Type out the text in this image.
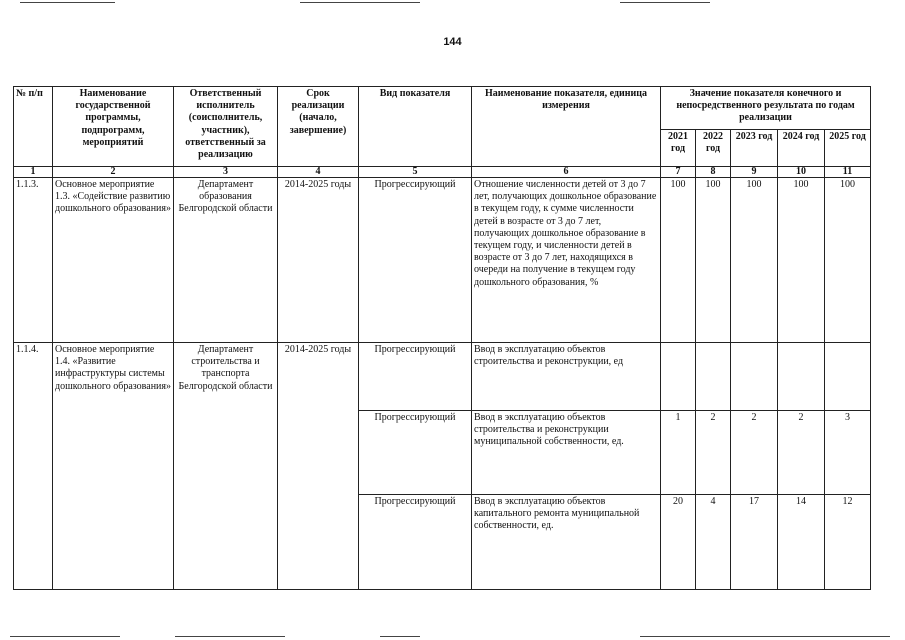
144
№ п/п	Наименование государственной программы, подпрограмм, мероприятий	Ответственный исполнитель (соисполнитель, участник), ответственный за реализацию	Срок реализации (начало, завершение)	Вид показателя	Наименование показателя, единица измерения	Значение показателя конечного и непосредственного результата по годам реализации				
						2021 год	2022 год	2023 год	2024 год	2025 год
1	2	3	4	5	6	7	8	9	10	11
1.1.3.	Основное мероприятие 1.3. «Содействие развитию дошкольного образования»	Департамент образования Белгородской области	2014-2025 годы	Прогрессирующий	Отношение численности детей от 3 до 7 лет, получающих дошкольное образование в текущем году, к сумме численности детей в возрасте от 3 до 7 лет, получающих дошкольное образование в текущем году, и численности детей в возрасте от 3 до 7 лет, находящихся в очереди на получение в текущем году дошкольного образования, %	100	100	100	100	100
1.1.4.	Основное мероприятие 1.4. «Развитие инфраструктуры системы дошкольного образования»	Департамент строительства и транспорта Белгородской области	2014-2025 годы	Прогрессирующий	Ввод в эксплуатацию объектов строительства и реконструкции, ед					
				Прогрессирующий	Ввод в эксплуатацию объектов строительства и реконструкции муниципальной собственности, ед.	1	2	2	2	3
				Прогрессирующий	Ввод в эксплуатацию объектов капитального ремонта муниципальной собственности, ед.	20	4	17	14	12
